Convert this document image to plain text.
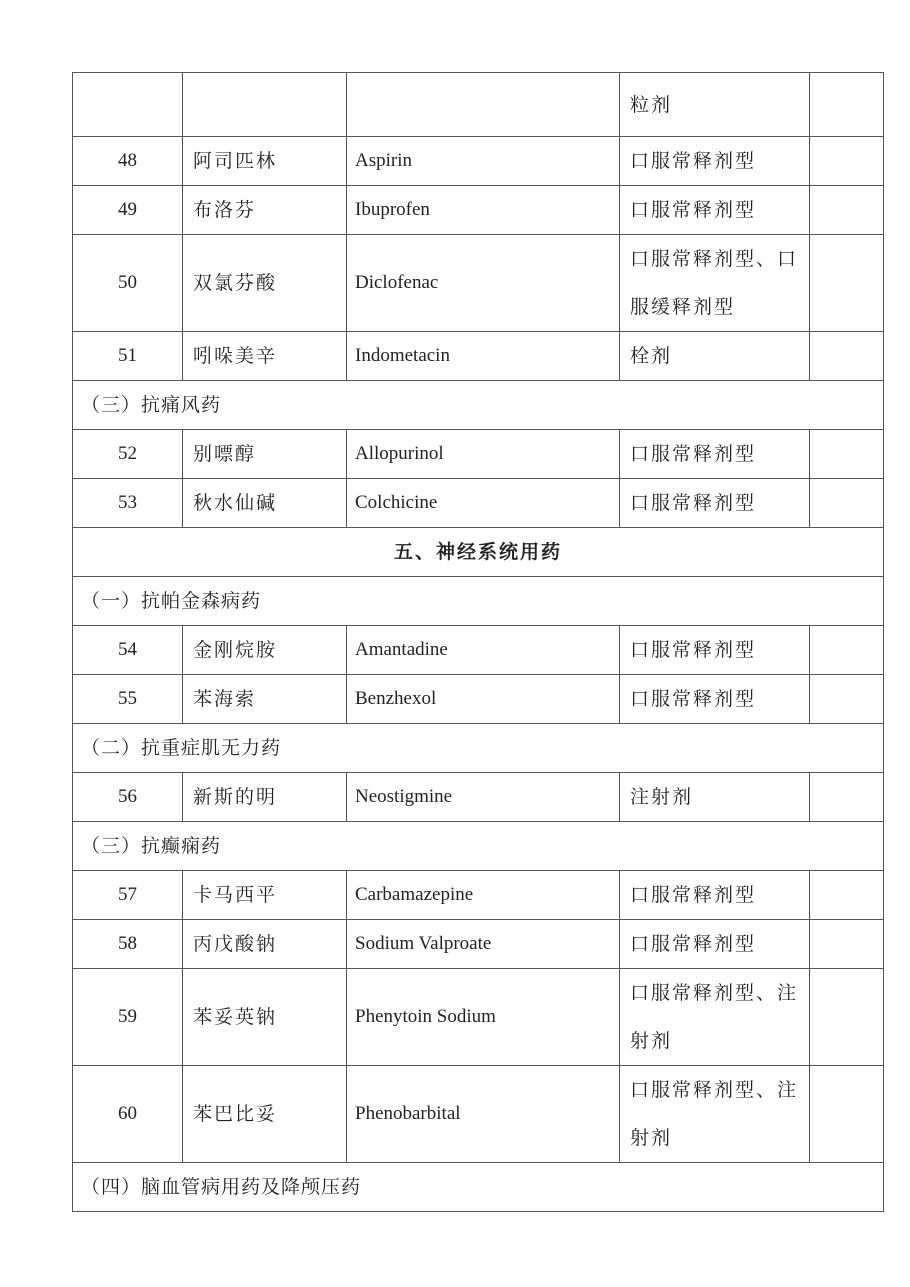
			粒剂	
48	阿司匹林	Aspirin	口服常释剂型	
49	布洛芬	Ibuprofen	口服常释剂型	
50	双氯芬酸	Diclofenac	口服常释剂型、口服缓释剂型	
51	吲哚美辛	Indometacin	栓剂	
（三）抗痛风药				
52	别嘌醇	Allopurinol	口服常释剂型	
53	秋水仙碱	Colchicine	口服常释剂型	
五、神经系统用药				
（一）抗帕金森病药				
54	金刚烷胺	Amantadine	口服常释剂型	
55	苯海索	Benzhexol	口服常释剂型	
（二）抗重症肌无力药				
56	新斯的明	Neostigmine	注射剂	
（三）抗癫痫药				
57	卡马西平	Carbamazepine	口服常释剂型	
58	丙戊酸钠	Sodium Valproate	口服常释剂型	
59	苯妥英钠	Phenytoin Sodium	口服常释剂型、注射剂	
60	苯巴比妥	Phenobarbital	口服常释剂型、注射剂	
（四）脑血管病用药及降颅压药				
